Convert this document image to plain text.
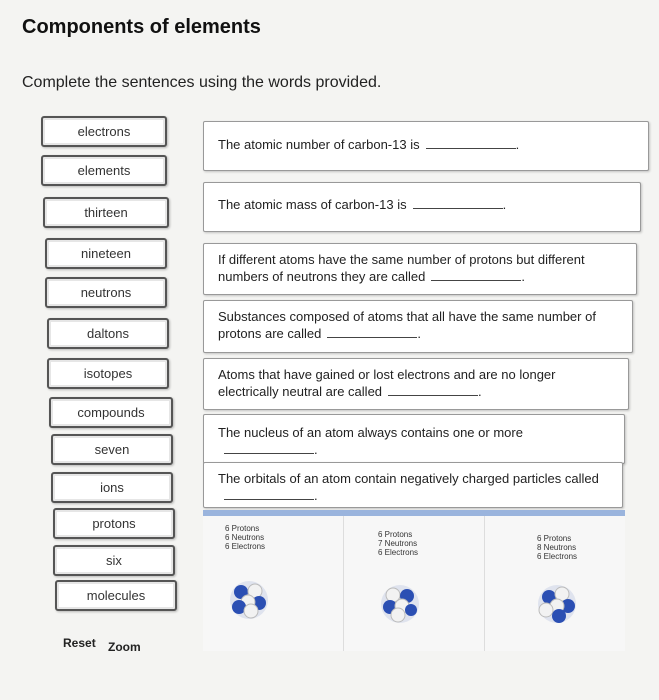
Components of elements
Complete the sentences using the words provided.
electrons
elements
thirteen
nineteen
neutrons
daltons
isotopes
compounds
seven
ions
protons
six
molecules
The atomic number of carbon-13 is	.
The atomic mass of carbon-13 is	.
If different atoms have the same number of protons but different numbers of neutrons they are called	.
Substances composed of atoms that all have the same number of protons are called	.
Atoms that have gained or lost electrons and are no longer electrically neutral are called	.
The nucleus of an atom always contains one or more.
The orbitals of an atom contain negatively charged particles called.
6 Protons
6 Neutrons
6 Electrons
6 Protons
7 Neutrons
6 Electrons
6 Protons
8 Neutrons
6 Electrons
Reset Zoom
